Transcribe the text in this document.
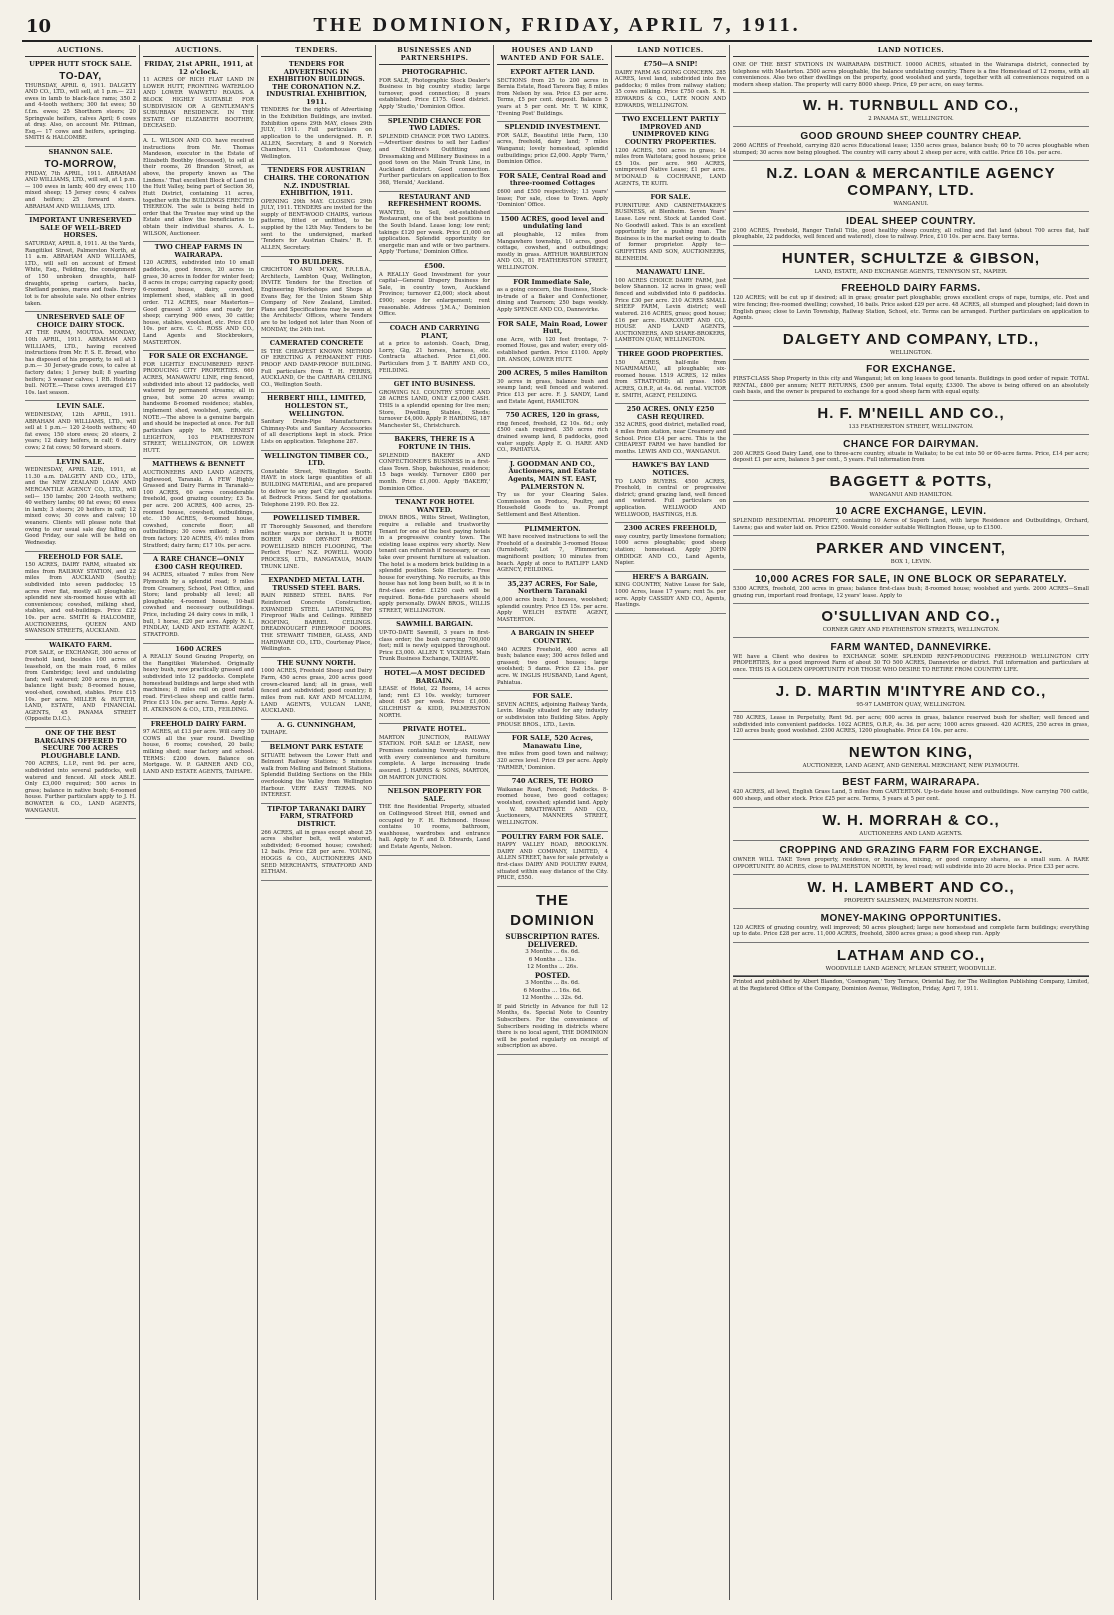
10	THE DOMINION, FRIDAY, APRIL 7, 1911.
AUCTIONS.
UPPER HUTT STOCK SALE.
TO-DAY,
THURSDAY, APRIL 6, 1911. DALGETY AND CO., LTD., will sell, at 1 p.m.— 221 ewes in lamb to black-face rams; 350 2 and 4-tooth wethers; 300 fat ewes; 50 f.f.m. ewes; 25 Shorthorn steers; 20 Springvale heifers, calves April; 6 cows at dray. Also, on account Mr. Pittman, Esq.— 17 cows and heifers, springing. SMITH & HALCOMBE.
SHANNON SALE.
TO-MORROW,
FRIDAY, 7th APRIL, 1911. ABRAHAM AND WILLIAMS, LTD., will sell, at 1 p.m.— 100 ewes in lamb; 400 dry ewes; 110 mixed sheep; 15 Jersey cows; 4 calves and heifers; 25 forward steers. ABRAHAM AND WILLIAMS, LTD.
IMPORTANT UNRESERVED SALE OF WELL-BRED HORSES.
SATURDAY, APRIL 8, 1911. At the Yards, Rangitikei Street, Palmerston North, at 11 a.m. ABRAHAM AND WILLIAMS, LTD., will sell on account of Ernest White, Esq., Feilding, the consignment of 150 unbroken draughts, half-draughts, spring carters, hacks, Shetland ponies, mares and foals. Every lot is for absolute sale. No other entries taken.
UNRESERVED SALE OF CHOICE DAIRY STOCK.
AT THE FARM, MOUTOA. MONDAY, 10th APRIL, 1911. ABRAHAM AND WILLIAMS, LTD., having received instructions from Mr. F. S. E. Broad, who has disposed of his property, to sell at 1 p.m.— 30 Jersey-grade cows, to calve at factory dates; 1 Jersey bull; 8 yearling heifers; 3 weaner calves; 1 P.B. Holstein bull. NOTE.—These cows averaged £17 10s. last season.
LEVIN SALE.
WEDNESDAY, 12th APRIL, 1911. ABRAHAM AND WILLIAMS, LTD., will sell at 1 p.m.— 120 2-tooth wethers; 40 fat ewes; 150 store ewes; 20 steers, 2 years; 12 dairy heifers, in calf; 6 dairy cows; 2 fat cows; 50 forward steers.
LEVIN SALE.
WEDNESDAY, APRIL 12th, 1911, at 11.30 a.m. DALGETY AND CO., LTD., and the NEW ZEALAND LOAN AND MERCANTILE AGENCY CO., LTD., will sell— 150 lambs; 200 2-tooth wethers; 40 wethery lambs; 60 fat ewes; 60 ewes in lamb; 3 steers; 20 heifers in calf; 12 mixed cows; 30 cows and calves; 10 weaners. Clients will please note that owing to our usual sale day falling on Good Friday, our sale will be held on Wednesday.
FREEHOLD FOR SALE.
150 ACRES, DAIRY FARM, situated six miles from RAILWAY STATION, and 22 miles from AUCKLAND (South); subdivided into seven paddocks; 15 acres river flat, mostly all ploughable; splendid new six-roomed house with all conveniences; cowshed, milking shed, stables, and out-buildings. Price £22 10s. per acre. SMITH & HALCOMBE, AUCTIONEERS, QUEEN AND SWANSON STREETS, AUCKLAND.
WAIKATO FARM.
FOR SALE, or EXCHANGE, 300 acres of freehold land, besides 100 acres of leasehold, on the main road, 6 miles from Cambridge; level and undulating land; well watered; 200 acres in grass, balance light bush; 8-roomed house, wool-shed, cowshed, stables. Price £15 10s. per acre. MILLER & RUTTER, LAND, ESTATE, AND FINANCIAL AGENTS, 45 PANAMA STREET (Opposite D.I.C.).
ONE OF THE BEST BARGAINS OFFERED TO SECURE 700 ACRES PLOUGHABLE LAND.
700 ACRES, L.I.P., rent 9d. per acre, subdivided into several paddocks, well watered and fenced. All stock ABLE. Only £3,000 required; 500 acres in grass; balance in native bush; 6-roomed house. Further particulars apply to J. H. BOWATER & CO., LAND AGENTS, WANGANUI.
AUCTIONS.
FRIDAY, 21st APRIL, 1911, at 12 o'clock.
11 ACRES OF RICH FLAT LAND IN LOWER HUTT, FRONTING WATERLOO AND LOWER WAIWETU ROADS. A BLOCK HIGHLY SUITABLE FOR SUBDIVISION OR A GENTLEMAN'S SUBURBAN RESIDENCE. IN THE ESTATE OF ELIZABETH BOOTHBY, DECEASED.
A. L. WILSON AND CO. have received instructions from Mr. Thomas Mandeson, executor in the Estate of Elizabeth Boothby (deceased), to sell at their rooms, 26 Brandon Street, as above, the property known as 'The Lindens.' That excellent Block of Land in the Hutt Valley, being part of Section 36, Hutt District, containing 11 acres, together with the BUILDINGS ERECTED THEREON. The sale is being held in order that the Trustee may wind up the Estate and allow the beneficiaries to obtain their individual shares. A. L. WILSON, Auctioneer.
TWO CHEAP FARMS IN WAIRARAPA.
120 ACRES, subdivided into 10 small paddocks, good fences, 20 acres in grass, 30 acres in fodder for winter feed; 8 acres in crops; carrying capacity good; 6-roomed house, dairy, cowshed, implement shed, stables; all in good order. 712 ACRES, near Masterton—Good grassed 3 sides and ready for sheep; carrying 900 ewes, 30 cattle; house, stables, woolshed, etc. Price £10 10s. per acre. C. C. ROSS AND CO., Land Agents and Stockbrokers, MASTERTON.
FOR SALE OR EXCHANGE.
FOR LIGHTLY ENCUMBERED RENT-PRODUCING CITY PROPERTIES. 660 ACRES, MANAWATU LINE, ring fenced, subdivided into about 12 paddocks, well watered by permanent streams; all in grass, but some 20 acres swamp; handsome 8-roomed residence; stables, implement shed, woolshed, yards, etc. NOTE.—The above is a genuine bargain and should be inspected at once. For full particulars apply to MR. ERNEST LEIGHTON, 103 FEATHERSTON STREET, WELLINGTON, OR LOWER HUTT.
MATTHEWS & BENNETT
AUCTIONEERS AND LAND AGENTS, Inglewood, Taranaki. A FEW Highly Grassed and Dairy Farms in Taranaki— 100 ACRES, 60 acres considerable freehold, good grazing country; £3 5s. per acre. 200 ACRES, 400 acres, 25-roomed house, cowshed, outbuildings, etc. 150 ACRES, 6-roomed house, cowshed, concrete floor; all outbuildings; 30 cows milked; 3 miles from factory. 120 ACRES, 4½ miles from Stratford; dairy farm; £17 10s. per acre.
A RARE CHANCE—ONLY £300 CASH REQUIRED.
94 ACRES, situated 7 miles from New Plymouth by a splendid road; 9 miles from Creamery, School, Post Office, and Store; land probably all level; all ploughable; 4-roomed house, 10-bail cowshed and necessary outbuildings. Price, including 24 dairy cows in milk, 1 bull, 1 horse, £20 per acre. Apply N. L. FINDLAY, LAND AND ESTATE AGENT, STRATFORD.
1600 ACRES
A REALLY Sound Grazing Property, on the Rangitikei Watershed. Originally heavy bush, now practically grassed and subdivided into 12 paddocks. Complete homestead buildings and large shed with machines; 8 miles rail on good metal road. First-class sheep and cattle farm. Price £13 10s. per acre. Terms. Apply A. H. ATKINSON & CO., LTD., FEILDING.
FREEHOLD DAIRY FARM.
97 ACRES, at £13 per acre. Will carry 30 COWS all the year round. Dwelling house, 6 rooms; cowshed, 20 bails; milking shed; near factory and school. TERMS: £200 down. Balance on Mortgage. W. P. GARNER AND CO., LAND AND ESTATE AGENTS, TAIHAPE.
TENDERS.
TENDERS FOR ADVERTISING IN EXHIBITION BUILDINGS. THE CORONATION N.Z. INDUSTRIAL EXHIBITION, 1911.
TENDERS for the rights of Advertising in the Exhibition Buildings, are invited. Exhibition opens 29th MAY, closes 29th JULY, 1911. Full particulars on application to the undersigned. R. F. ALLEN, Secretary, 8 and 9 Norwich Chambers, 111 Customhouse Quay, Wellington.
TENDERS FOR AUSTRIAN CHAIRS. THE CORONATION N.Z. INDUSTRIAL EXHIBITION, 1911.
OPENING 29th MAY. CLOSING 29th JULY, 1911. TENDERS are invited for the supply of BENT-WOOD CHAIRS, various patterns, fitted or unfitted, to be supplied by the 12th May. Tenders to be sent to the undersigned, marked 'Tenders for Austrian Chairs.' R. F. ALLEN, Secretary.
TO BUILDERS.
CRICHTON AND M'KAY, F.R.I.B.A., Architects, Lambton Quay, Wellington, INVITE Tenders for the Erection of Engineering Workshops and Shops at Evans Bay, for the Union Steam Ship Company of New Zealand, Limited. Plans and Specifications may be seen at the Architects' Offices, where Tenders are to be lodged not later than Noon of MONDAY, the 24th inst.
CAMERATED CONCRETE
IS THE CHEAPEST KNOWN METHOD OF ERECTING A PERMANENT FIRE-PROOF AND DAMP-PROOF BUILDING. Full particulars from T. H. FERRIS, AUCKLAND, Or the CARRARA CEILING CO., Wellington South.
HERBERT HILL, LIMITED, HOLLESTON ST., WELLINGTON.
Sanitary Drain-Pipe Manufacturers. Chimney-Pots and Sanitary Accessories of all descriptions kept in stock. Price Lists on application. Telephone 287.
WELLINGTON TIMBER CO., LTD.
Constable Street, Wellington South. HAVE in stock large quantities of all BUILDING MATERIAL, and are prepared to deliver to any part City and suburbs at Bedrock Prices. Send for quotations. Telephone 2199. P.O. Box 22.
POWELLISED TIMBER.
IT Thoroughly Seasoned, and therefore neither warps nor shrinks. It is BOTH BORER AND DRY-ROT PROOF. POWELLISED BIRCH FLOORING, 'The Perfect Floor.' N.Z. POWELL WOOD PROCESS, LTD., RANGATAUA, MAIN TRUNK LINE.
EXPANDED METAL LATH. TRUSSED STEEL BARS.
RAIN RIBBED STEEL BARS. For Reinforced Concrete Construction, EXPANDED STEEL LATHING, For Fireproof Walls and Ceilings. RIBBED ROOFING, BARREL CEILINGS. DREADNOUGHT FIREPROOF DOORS. THE STEWART TIMBER, GLASS, AND HARDWARE CO., LTD., Courtenay Place, Wellington.
THE SUNNY NORTH.
1000 ACRES, Freehold Sheep and Dairy Farm, 450 acres grass, 200 acres good crown-cleared land; all in grass, well fenced and subdivided; good country; 8 miles from rail. KAY AND M'CALLUM, LAND AGENTS, VULCAN LANE, AUCKLAND.
A. G. CUNNINGHAM,
TAIHAPE.
BELMONT PARK ESTATE
SITUATE between the Lower Hutt and Belmont Railway Stations; 5 minutes walk from Melling and Belmont Stations. Splendid Building Sections on the Hills overlooking the Valley from Wellington Harbour. VERY EASY TERMS. NO INTEREST.
TIP-TOP TARANAKI DAIRY FARM, STRATFORD DISTRICT.
266 ACRES, all in grass except about 25 acres shelter belt, well watered, subdivided; 6-roomed house; cowshed; 12 bails. Price £28 per acre. YOUNG, HOGGS & CO., AUCTIONEERS AND SEED MERCHANTS, STRATFORD AND ELTHAM.
BUSINESSES AND PARTNERSHIPS.
PHOTOGRAPHIC.
FOR SALE, Photographic Stock Dealer's Business in big country studio; large turnover, good connection; 8 years established. Price £175. Good district. Apply 'Studio,' Dominion Office.
SPLENDID CHANCE FOR TWO LADIES.
SPLENDID CHANCE FOR TWO LADIES.—Advertiser desires to sell her Ladies' and Children's Outfitting and Dressmaking and Millinery Business in a good town on the Main Trunk Line, in Auckland district. Good connection. Further particulars on application to Box 368, 'Herald,' Auckland.
RESTAURANT AND REFRESHMENT ROOMS.
WANTED, to Sell, old-established Restaurant, one of the best positions in the South Island. Lease long; low rent; takings £120 per week. Price £1,000 on application. Splendid opportunity for energetic man and wife or two partners. Apply 'Fortune,' Dominion Office.
£500.
A REALLY Good Investment for your capital—General Drapery Business for Sale, in country town, Auckland Province; turnover £2,000; stock about £900; scope for enlargement; rent reasonable. Address 'J.M.A.,' Dominion Office.
COACH AND CARRYING PLANT,
at a price to astonish. Coach, Drag, Lorry, Gig, 21 horses, harness, etc. Contracts attached. Price £1,000. Particulars from J. T. BARRY AND CO., FEILDING.
GET INTO BUSINESS.
GROWING N.I. COUNTRY STORE AND 28 ACRES LAND, ONLY £2,000 CASH. THIS is a splendid opening for live men; Store, Dwelling, Stables, Sheds; turnover £4,000. Apply P. HARDING, 187 Manchester St., Christchurch.
BAKERS, THERE IS A FORTUNE IN THIS.
SPLENDID BAKERY AND CONFECTIONER'S BUSINESS in a first-class Town. Shop, bakehouse, residence; 15 bags weekly. Turnover £800 per month. Price £1,000. Apply 'BAKERY,' Dominion Office.
TENANT FOR HOTEL WANTED.
DWAN BROS., Willis Street, Wellington, require a reliable and trustworthy Tenant for one of the best paying hotels in a progressive country town. The existing lease expires very shortly. New tenant can refurnish if necessary, or can take over present furniture at valuation. The hotel is a modern brick building in a splendid position. Sole Electoric. Free house for everything. No recruits, as this house has not long been built, so it is in first-class order. £1250 cash will be required. Bona-fide purchasers should apply personally. DWAN BROS., WILLIS STREET, WELLINGTON.
SAWMILL BARGAIN.
UP-TO-DATE Sawmill, 3 years in first-class order; the bush carrying 700,000 feet; mill is newly equipped throughout. Price £3,000. ALLEN T. VICKERS, Main Trunk Business Exchange, TAIHAPE.
HOTEL—A MOST DECIDED BARGAIN.
LEASE of Hotel, 22 Rooms, 14 acres land; rent £3 10s. weekly; turnover about £45 per week. Price £1,000. GILCHRIST & KIDD, PALMERSTON NORTH.
PRIVATE HOTEL.
MARTON JUNCTION, RAILWAY STATION. FOR SALE or LEASE, new Premises containing twenty-six rooms, with every convenience and furniture complete. A large increasing trade assured. J. HARRIS & SONS, MARTON, OR MARTON JUNCTION.
NELSON PROPERTY FOR SALE.
THE fine Residential Property, situated on Collingwood Street Hill, owned and occupied by F. H. Richmond. House contains 10 rooms, bathroom, washhouse, wardrobes and entrance hall. Apply to F. and D. Edwards, Land and Estate Agents, Nelson.
HOUSES AND LAND WANTED AND FOR SALE.
EXPORT AFTER LAND.
SECTIONS from 25 to 200 acres in Bernia Estate, Road Tareora Bay, 8 miles from Nelson by sea. Price £3 per acre. Terms, £5 per cent. deposit. Balance 5 years at 5 per cent. Mr. T. W. KIRK, 'Evening Post' Buildings.
SPLENDID INVESTMENT.
FOR SALE, Beautiful little Farm, 130 acres, freehold, dairy land; 7 miles Wanganui; lovely homestead, splendid outbuildings; price £2,000. Apply 'Farm,' Dominion Office.
FOR SALE, Central Road and three-roomed Cottages
£600 and £550 respectively; 13 years' lease; For sale, close to Town. Apply 'Dominion' Office.
1500 ACRES, good level and undulating land
all ploughable, 12 miles from Mangawhero township, 10 acres, good cottage, cowshed, and outbuildings; mostly in grass. ARTHUR WARBURTON AND CO., 81 FEATHERSTON STREET, WELLINGTON.
FOR Immediate Sale,
as a going concern, the Business, Stock-in-trade of a Baker and Confectioner, dining and Tearoom; 250 bags weekly. Apply SPENCE AND CO., Dannevirke.
FOR SALE, Main Road, Lower Hutt,
one Acre, with 120 feet frontage, 7-roomed House, gas and water; every old-established garden. Price £1100. Apply DR. ANSON, LOWER HUTT.
200 ACRES, 5 miles Hamilton
30 acres in grass, balance bush and swamp land; well fenced and watered. Price £13 per acre. F. J. SANDY, Land and Estate Agent, HAMILTON.
750 ACRES, 120 in grass,
ring fenced, freehold, £2 10s. 6d.; only £500 cash required. 350 acres rich drained swamp land, 8 paddocks, good water supply. Apply E. O. HARE AND CO., PAHIATUA.
J. GOODMAN AND CO., Auctioneers, and Estate Agents, MAIN ST. EAST, PALMERSTON N.
Try us for your Clearing Sales. Commission on Produce, Poultry, and Household Goods to us. Prompt Settlement and Best Attention.
PLIMMERTON.
WE have received instructions to sell the Freehold of a desirable 3-roomed House (furnished); Lot 7, Plimmerton; magnificent position; 10 minutes from beach. Apply at once to RATLIFF LAND AGENCY, FEILDING.
35,237 ACRES, For Sale, Northern Taranaki
4,000 acres bush; 3 houses, woolshed; splendid country. Price £5 15s. per acre. Apply WELCH ESTATE AGENT, MASTERTON.
A BARGAIN IN SHEEP COUNTRY.
940 ACRES Freehold, 400 acres all bush; balance easy; 300 acres felled and grassed; two good houses; large woolshed; 5 dams. Price £2 15s. per acre. W. INGLIS HUSBAND, Land Agent, Pahiatua.
FOR SALE.
SEVEN ACRES, adjoining Railway Yards, Levin. Ideally situated for any industry or subdivision into Building Sites. Apply PROUSE BROS., LTD., Levin.
FOR SALE, 520 Acres, Manawatu Line,
five miles from good town and railway; 320 acres level. Price £9 per acre. Apply 'FARMER,' Dominion.
740 ACRES, TE HORO
Waikanae Road, Fenced; Paddocks. 8-roomed house, two good cottages; woolshed, cowshed; splendid land. Apply J. W. BRAITHWAITE AND CO., Auctioneers, MANNERS STREET, WELLINGTON.
POULTRY FARM FOR SALE.
HAPPY VALLEY ROAD, BROOKLYN. DAIRY AND COMPANY, LIMITED, 4 ALLEN STREET, have for sale privately a first-class DAIRY AND POULTRY FARM, situated within easy distance of the City. PRICE, £550.
THE DOMINION
SUBSCRIPTION RATES.
DELIVERED.
3 Months ... 6s. 6d.
6 Months ... 13s.
12 Months ... 26s.
POSTED.
3 Months ... 8s. 6d.
6 Months ... 16s. 6d.
12 Months ... 32s. 6d.
If paid Strictly in Advance for full 12 Months, 6s. Special Note to Country Subscribers. For the convenience of Subscribers residing in districts where there is no local agent, THE DOMINION will be posted regularly on receipt of subscription as above.
LAND NOTICES.
£750—A SNIP!
DAIRY FARM AS GOING CONCERN. 285 ACRES, level land, subdivided into five paddocks; 6 miles from railway station; 35 cows milking. Price £750 cash. S. R. EDWARDS & CO., LATE NOON AND EDWARDS, WELLINGTON.
TWO EXCELLENT PARTLY IMPROVED AND UNIMPROVED KING COUNTRY PROPERTIES.
1200 ACRES, 500 acres in grass; 14 miles from Waitotara; good houses; price £5 10s. per acre. 960 ACRES, unimproved Native Lease; £1 per acre. M'DONALD & COCHRANE, LAND AGENTS, TE KUITI.
FOR SALE.
FURNITURE AND CABINETMAKER'S BUSINESS, at Blenheim. Seven Years' Lease. Low rent. Stock at Landed Cost. No Goodwill asked. This is an excellent opportunity for a pushing man. The Business is in the market owing to death of former proprietor. Apply to— GRIFFITHS AND SON, AUCTIONEERS, BLENHEIM.
MANAWATU LINE.
100 ACRES CHOICE DAIRY FARM, just below Shannon. 12 acres in grass; well fenced and subdivided into 6 paddocks. Price £30 per acre. 210 ACRES SMALL SHEEP FARM, Levin district; well watered. 216 ACRES, grass; good house; £16 per acre. HARCOURT AND CO., HOUSE AND LAND AGENTS, AUCTIONEERS, AND SHARE-BROKERS, LAMBTON QUAY, WELLINGTON.
THREE GOOD PROPERTIES.
150 ACRES, half-mile from NGARIMAHAU, all ploughable; six-roomed house. 1519 ACRES, 12 miles from STRATFORD; all grass. 1605 ACRES, O.R.P., at 4s. 6d. rental. VICTOR E. SMITH, AGENT, FEILDING.
250 ACRES. ONLY £250 CASH REQUIRED.
352 ACRES, good district, metalled road, 4 miles from station, near Creamery and School. Price £14 per acre. This is the CHEAPEST FARM we have handled for months. LEWIS AND CO., WANGANUI.
HAWKE'S BAY LAND NOTICES.
TO LAND BUYERS. 4500 ACRES, Freehold, in central or progressive district; grand grazing land, well fenced and watered. Full particulars on application. WELLWOOD AND WELLWOOD, HASTINGS, H.B.
2300 ACRES FREEHOLD,
easy country, partly limestone formation; 1000 acres ploughable; good sheep station; homestead. Apply JOHN ORDIDGE AND CO., Land Agents, Napier.
HERE'S A BARGAIN.
KING COUNTRY, Native Lease for Sale, 1000 Acres, lease 17 years; rent 5s. per acre. Apply CASSIDY AND CO., Agents, Hastings.
LAND NOTICES.
ONE OF THE BEST STATIONS IN WAIRARAPA DISTRICT. 10000 ACRES, situated in the Wairarapa district, connected by telephone with Masterton. 2500 acres ploughable, the balance undulating country. There is a fine Homestead of 12 rooms, with all conveniences. Also two other dwellings on the property, good woolshed and yards, together with all conveniences required on a modern sheep station. The property will carry 8000 sheep. Price, £9 per acre, on easy terms.
W. H. TURNBULL AND CO.,
2 PANAMA ST., WELLINGTON.
GOOD GROUND SHEEP COUNTRY CHEAP.
2060 ACRES of Freehold, carrying 820 acres Educational lease; 1350 acres grass, balance bush; 60 to 70 acres ploughable when stumped; 30 acres now being ploughed. The country will carry about 2 sheep per acre, with cattle. Price £6 10s. per acre.
N.Z. LOAN & MERCANTILE AGENCY COMPANY, LTD.
WANGANUI.
IDEAL SHEEP COUNTRY.
2100 ACRES, Freehold, Ranger Tinfall Title, good healthy sheep country, all rolling and flat land (about 700 acres flat, half ploughable, 22 paddocks, well fenced and watered), close to railway. Price, £10 10s. per acre. Easy terms.
HUNTER, SCHULTZE & GIBSON,
LAND, ESTATE, AND EXCHANGE AGENTS, TENNYSON ST., NAPIER.
FREEHOLD DAIRY FARMS.
120 ACRES; will be cut up if desired; all in grass; greater part ploughable; grows excellent crops of rape, turnips, etc. Post and wire fencing; five-roomed dwelling; cowshed, 16 bails. Price asked £29 per acre. 48 ACRES, all stumped and ploughed; laid down in English grass; close to Levin Township, Railway Station, School, etc. Terms can be arranged. Further particulars on application to Agents.
DALGETY AND COMPANY, LTD.,
WELLINGTON.
FOR EXCHANGE.
FIRST-CLASS Shop Property in this city and Wanganui; let on long leases to good tenants. Buildings in good order of repair. TOTAL RENTAL, £800 per annum; NETT RETURNS, £500 per annum. Total equity, £3300. The above is being offered on an absolutely cash basis, and the owner is prepared to exchange for a good sheep farm with equal equity.
H. F. M'NEILL AND CO.,
133 FEATHERSTON STREET, WELLINGTON.
CHANCE FOR DAIRYMAN.
200 ACRES Good Dairy Land, one to three-acre country, situate in Waikato; to be cut into 50 or 60-acre farms. Price, £14 per acre; deposit £1 per acre, balance 5 per cent., 5 years. Full information from
BAGGETT & POTTS,
WANGANUI AND HAMILTON.
10 ACRE EXCHANGE, LEVIN.
SPLENDID RESIDENTIAL PROPERTY, containing 10 Acres of Superb Land, with large Residence and Outbuildings, Orchard, Lawns; gas and water laid on. Price £2500. Would consider suitable Wellington House, up to £1500.
PARKER AND VINCENT,
BOX 1, LEVIN.
10,000 ACRES FOR SALE, IN ONE BLOCK OR SEPARATELY.
5300 ACRES, freehold, 200 acres in grass; balance first-class bush; 8-roomed house; woolshed and yards. 2000 ACRES—Small grazing run, important road frontage, 12 years' lease. Apply to
O'SULLIVAN AND CO.,
CORNER GREY AND FEATHERSTON STREETS, WELLINGTON.
FARM WANTED, DANNEVIRKE.
WE have a Client who desires to EXCHANGE SOME SPLENDID RENT-PRODUCING FREEHOLD WELLINGTON CITY PROPERTIES, for a good improved Farm of about 30 TO 500 ACRES, Dannevirke or district. Full information and particulars at once. THIS IS A GOLDEN OPPORTUNITY FOR THOSE WHO DESIRE TO RETIRE FROM COUNTRY LIFE.
J. D. MARTIN M'INTYRE AND CO.,
95-97 LAMBTON QUAY, WELLINGTON.
780 ACRES, Lease in Perpetuity, Rent 9d. per acre; 600 acres in grass, balance reserved bush for shelter; well fenced and subdivided into convenient paddocks. 1022 ACRES, O.R.P., 4s. 3d. per acre; 1000 acres grassed. 420 ACRES, 250 acres in grass, 120 acres bush; good woolshed. 2300 ACRES, 1200 ploughable. Price £4 10s. per acre.
NEWTON KING,
AUCTIONEER, LAND AGENT, AND GENERAL MERCHANT, NEW PLYMOUTH.
BEST FARM, WAIRARAPA.
420 ACRES, all level, English Grass Land, 5 miles from CARTERTON. Up-to-date house and outbuildings. Now carrying 700 cattle, 600 sheep, and other stock. Price £25 per acre. Terms, 5 years at 5 per cent.
W. H. MORRAH & CO.,
AUCTIONEERS AND LAND AGENTS.
CROPPING AND GRAZING FARM FOR EXCHANGE.
OWNER WILL TAKE Town property, residence, or business, mixing, or good company shares, as a small sum. A RARE OPPORTUNITY. 80 ACRES, close to PALMERSTON NORTH, by level road; will subdivide into 20 acre blocks. Price £33 per acre.
W. H. LAMBERT AND CO.,
PROPERTY SALESMEN, PALMERSTON NORTH.
MONEY-MAKING OPPORTUNITIES.
120 ACRES of grazing country, well improved; 50 acres ploughed; large new homestead and complete farm buildings; everything up to date. Price £28 per acre. 11,000 ACRES, freehold, 3800 acres grass; a good sheep run. Apply
LATHAM AND CO.,
WOODVILLE LAND AGENCY, M'LEAN STREET, WOODVILLE.
Printed and published by Albert Blandon, 'Cosmogram,' Tory Terrace, Oriental Bay, for The Wellington Publishing Company, Limited, at the Registered Office of the Company, Dominion Avenue, Wellington, Friday, April 7, 1911.
